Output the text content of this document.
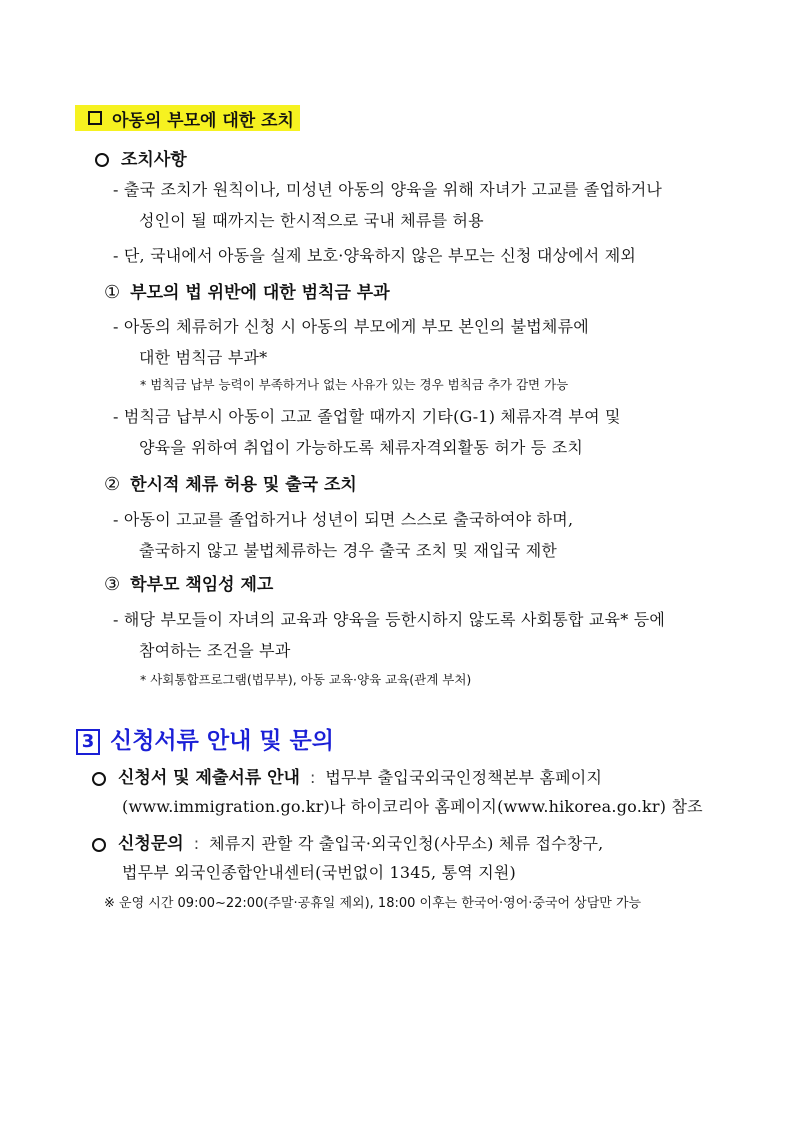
아동의 부모에 대한 조치
조치사항
- 출국 조치가 원칙이나, 미성년 아동의 양육을 위해 자녀가 고교를 졸업하거나
성인이 될 때까지는 한시적으로 국내 체류를 허용
- 단, 국내에서 아동을 실제 보호·양육하지 않은 부모는 신청 대상에서 제외
① 부모의 법 위반에 대한 범칙금 부과
- 아동의 체류허가 신청 시 아동의 부모에게 부모 본인의 불법체류에
대한 범칙금 부과*
* 범칙금 납부 능력이 부족하거나 없는 사유가 있는 경우 범칙금 추가 감면 가능
- 범칙금 납부시 아동이 고교 졸업할 때까지 기타(G-1) 체류자격 부여 및
양육을 위하여 취업이 가능하도록 체류자격외활동 허가 등 조치
② 한시적 체류 허용 및 출국 조치
- 아동이 고교를 졸업하거나 성년이 되면 스스로 출국하여야 하며,
출국하지 않고 불법체류하는 경우 출국 조치 및 재입국 제한
③ 학부모 책임성 제고
- 해당 부모들이 자녀의 교육과 양육을 등한시하지 않도록 사회통합 교육* 등에
참여하는 조건을 부과
* 사회통합프로그램(법무부), 아동 교육·양육 교육(관계 부처)
3 신청서류 안내 및 문의
신청서 및 제출서류 안내 : 법무부 출입국외국인정책본부 홈페이지
(www.immigration.go.kr)나 하이코리아 홈페이지(www.hikorea.go.kr) 참조
신청문의 : 체류지 관할 각 출입국·외국인청(사무소) 체류 접수창구,
법무부 외국인종합안내센터(국번없이 1345, 통역 지원)
※ 운영 시간 09:00~22:00(주말·공휴일 제외), 18:00 이후는 한국어·영어·중국어 상담만 가능
